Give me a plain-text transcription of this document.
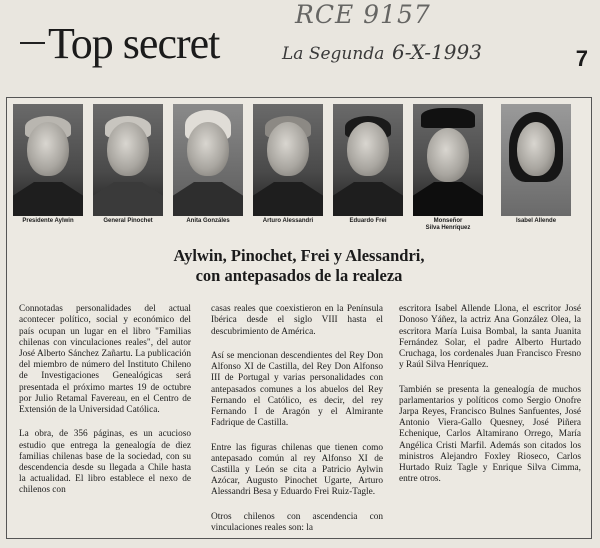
RCE 9157
Top secret	La Segunda 6-X-1993	7
Presidente Aylwin	General Pinochet	Anita Gonzáles	Arturo Alessandri	Eduardo Frei	Monseñor
Silva Henríquez
Isabel Allende
Aylwin, Pinochet, Frei y Alessandri,
con antepasados de la realeza

Connotadas personalidades del actual acontecer político, social y económico del país ocupan un lugar en el libro "Familias chilenas con vinculaciones reales", del autor José Alberto Sánchez Zañartu. La publicación del miembro de número del Instituto Chileno de Investigaciones Genealógicas será presentada el próximo martes 19 de octubre por Julio Retamal Favereau, en el Centro de Extensión de la Universidad Católica.

La obra, de 356 páginas, es un acucioso estudio que entrega la genealogía de diez familias chilenas base de la sociedad, con su descendencia desde su llegada a Chile hasta la actualidad. El libro establece el nexo de chilenos con

casas reales que coexistieron en la Península Ibérica desde el siglo VIII hasta el descubrimiento de América.

Así se mencionan descendientes del Rey Don Alfonso XI de Castilla, del Rey Don Alfonso III de Portugal y varias personalidades con antepasados comunes a los abuelos del Rey Fernando el Católico, es decir, del rey Fernando I de Aragón y el Almirante Fadrique de Castilla.

Entre las figuras chilenas que tienen como antepasado común al rey Alfonso XI de Castilla y León se cita a Patricio Aylwin Azócar, Augusto Pinochet Ugarte, Arturo Alessandri Besa y Eduardo Frei Ruiz-Tagle.

Otros chilenos con ascendencia con vinculaciones reales son: la

escritora Isabel Allende Llona, el escritor José Donoso Yáñez, la actriz Ana González Olea, la escritora María Luisa Bombal, la santa Juanita Fernández Solar, el padre Alberto Hurtado Cruchaga, los cordenales Juan Francisco Fresno y Raúl Silva Henríquez.

También se presenta la genealogía de muchos parlamentarios y políticos como Sergio Onofre Jarpa Reyes, Francisco Bulnes Sanfuentes, José Antonio Viera-Gallo Quesney, José Piñera Echenique, Carlos Altamirano Orrego, María Angélica Cristi Marfil. Además son citados los ministros Alejandro Foxley Rioseco, Carlos Hurtado Ruiz Tagle y Enrique Silva Cimma, entre otros.
